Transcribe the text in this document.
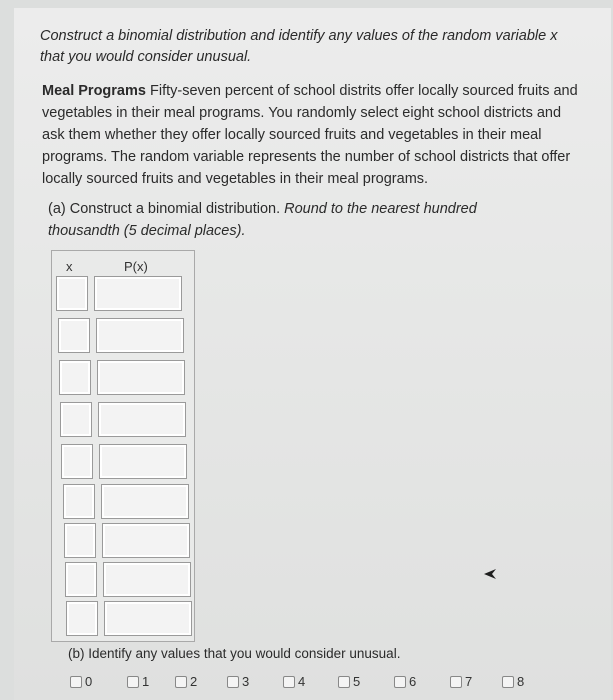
Construct a binomial distribution and identify any values of the random variable x that you would consider unusual.
Meal Programs Fifty-seven percent of school distrits offer locally sourced fruits and vegetables in their meal programs. You randomly select eight school districts and ask them whether they offer locally sourced fruits and vegetables in their meal programs. The random variable represents the number of school districts that offer locally sourced fruits and vegetables in their meal programs.
(a) Construct a binomial distribution. Round to the nearest hundred thousandth (5 decimal places).
x	P(x)
(b) Identify any values that you would consider unusual.
0	1	2	3	4	5	6	7	8
